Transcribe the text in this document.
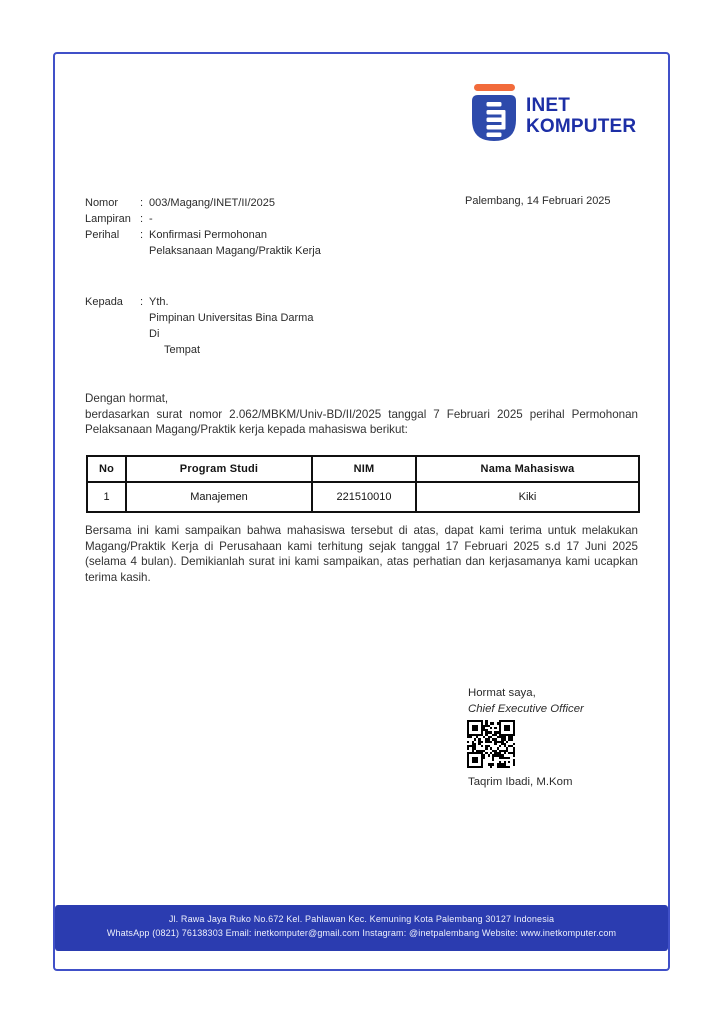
INET
KOMPUTER
Nomor	: 003/Magang/INET/II/2025
Lampiran : -
Perihal	: Konfirmasi Permohonan
Pelaksanaan Magang/Praktik Kerja
Palembang, 14 Februari 2025
Kepada	: Yth.
Pimpinan Universitas Bina Darma
Di
Tempat
Dengan hormat,
berdasarkan surat nomor 2.062/MBKM/Univ-BD/II/2025 tanggal 7 Februari 2025 perihal Permohonan Pelaksanaan Magang/Praktik kerja kepada mahasiswa berikut:
No	Program Studi	NIM	Nama Mahasiswa
1	Manajemen	221510010	Kiki
Bersama ini kami sampaikan bahwa mahasiswa tersebut di atas, dapat kami terima untuk melakukan Magang/Praktik Kerja di Perusahaan kami terhitung sejak tanggal 17 Februari 2025 s.d 17 Juni 2025 (selama 4 bulan). Demikianlah surat ini kami sampaikan, atas perhatian dan kerjasamanya kami ucapkan terima kasih.
Hormat saya,
Chief Executive Officer
Taqrim Ibadi, M.Kom
Jl. Rawa Jaya Ruko No.672 Kel. Pahlawan Kec. Kemuning Kota Palembang 30127 Indonesia
WhatsApp (0821) 76138303 Email: inetkomputer@gmail.com Instagram: @inetpalembang Website: www.inetkomputer.com
